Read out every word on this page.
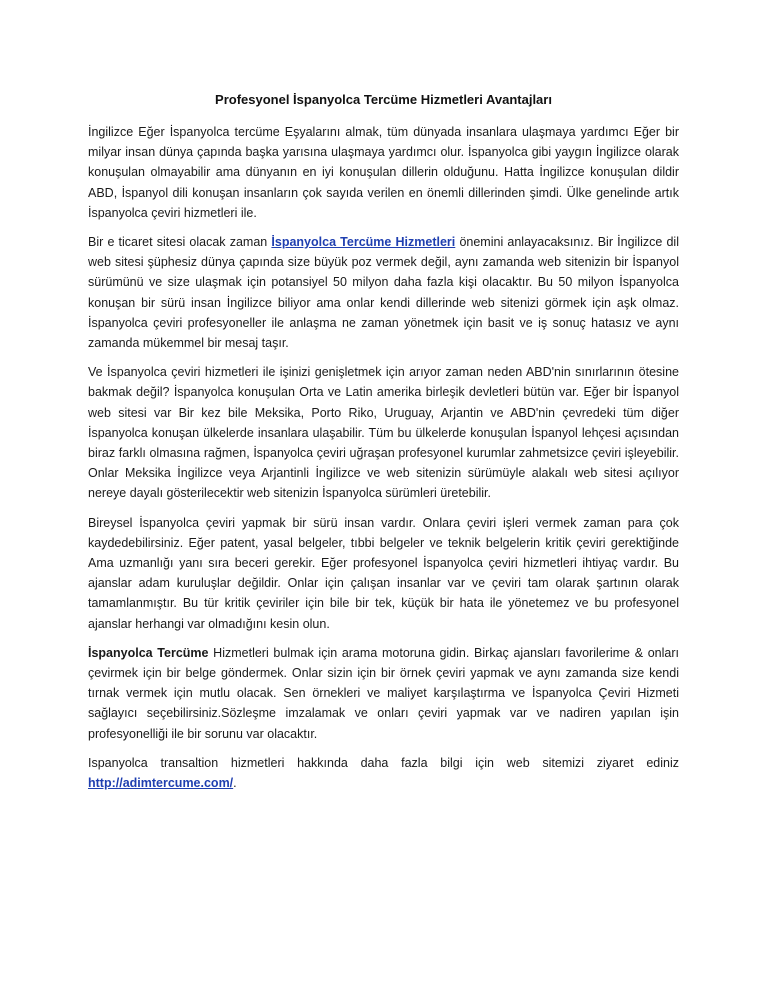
Profesyonel İspanyolca Tercüme Hizmetleri Avantajları

İngilizce Eğer İspanyolca tercüme Eşyalarını almak, tüm dünyada insanlara ulaşmaya yardımcı Eğer bir milyar insan dünya çapında başka yarısına ulaşmaya yardımcı olur. İspanyolca gibi yaygın İngilizce olarak konuşulan olmayabilir ama dünyanın en iyi konuşulan dillerin olduğunu. Hatta İngilizce konuşulan dildir ABD, İspanyol dili konuşan insanların çok sayıda verilen en önemli dillerinden şimdi. Ülke genelinde artık İspanyolca çeviri hizmetleri ile.

Bir e ticaret sitesi olacak zaman İspanyolca Tercüme Hizmetleri önemini anlayacaksınız. Bir İngilizce dil web sitesi şüphesiz dünya çapında size büyük poz vermek değil, aynı zamanda web sitenizin bir İspanyol sürümünü ve size ulaşmak için potansiyel 50 milyon daha fazla kişi olacaktır. Bu 50 milyon İspanyolca konuşan bir sürü insan İngilizce biliyor ama onlar kendi dillerinde web sitenizi görmek için aşk olmaz. İspanyolca çeviri profesyoneller ile anlaşma ne zaman yönetmek için basit ve iş sonuç hatasız ve aynı zamanda mükemmel bir mesaj taşır.

Ve İspanyolca çeviri hizmetleri ile işinizi genişletmek için arıyor zaman neden ABD'nin sınırlarının ötesine bakmak değil? İspanyolca konuşulan Orta ve Latin amerika birleşik devletleri bütün var. Eğer bir İspanyol web sitesi var Bir kez bile Meksika, Porto Riko, Uruguay, Arjantin ve ABD'nin çevredeki tüm diğer İspanyolca konuşan ülkelerde insanlara ulaşabilir. Tüm bu ülkelerde konuşulan İspanyol lehçesi açısından biraz farklı olmasına rağmen, İspanyolca çeviri uğraşan profesyonel kurumlar zahmetsizce çeviri işleyebilir. Onlar Meksika İngilizce veya Arjantinli İngilizce ve web sitenizin sürümüyle alakalı web sitesi açılıyor nereye dayalı gösterilecektir web sitenizin İspanyolca sürümleri üretebilir.

Bireysel İspanyolca çeviri yapmak bir sürü insan vardır. Onlara çeviri işleri vermek zaman para çok kaydedebilirsiniz. Eğer patent, yasal belgeler, tıbbi belgeler ve teknik belgelerin kritik çeviri gerektiğinde Ama uzmanlığı yanı sıra beceri gerekir. Eğer profesyonel İspanyolca çeviri hizmetleri ihtiyaç vardır. Bu ajanslar adam kuruluşlar değildir. Onlar için çalışan insanlar var ve çeviri tam olarak şartının olarak tamamlanmıştır. Bu tür kritik çeviriler için bile bir tek, küçük bir hata ile yönetemez ve bu profesyonel ajanslar herhangi var olmadığını kesin olun.

İspanyolca Tercüme Hizmetleri bulmak için arama motoruna gidin. Birkaç ajansları favorilerime & onları çevirmek için bir belge göndermek. Onlar sizin için bir örnek çeviri yapmak ve aynı zamanda size kendi tırnak vermek için mutlu olacak. Sen örnekleri ve maliyet karşılaştırma ve İspanyolca Çeviri Hizmeti sağlayıcı seçebilirsiniz.Sözleşme imzalamak ve onları çeviri yapmak var ve nadiren yapılan işin profesyonelliği ile bir sorunu var olacaktır.

Ispanyolca transaltion hizmetleri hakkında daha fazla bilgi için web sitemizi ziyaret ediniz http://adimtercume.com/.
